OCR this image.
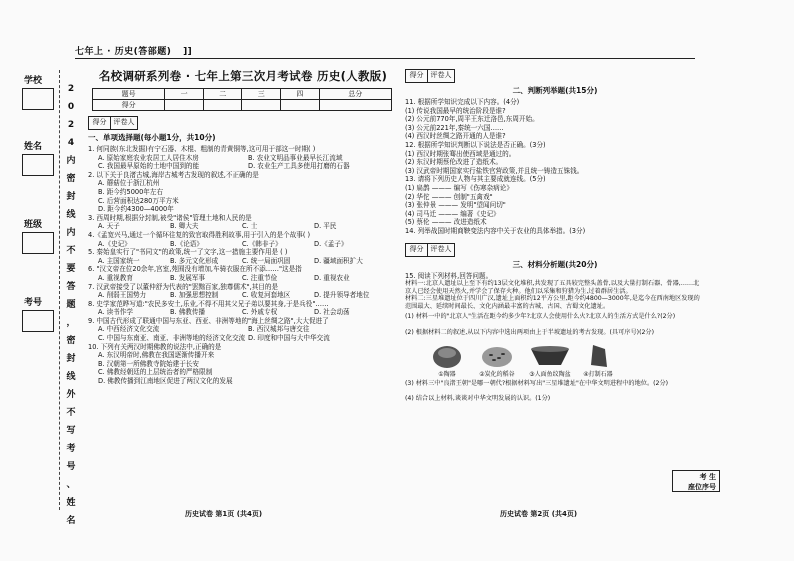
七年上 · 历史(答部题) ]]
学校
姓名
班级
考号
2
0
2
4
内
密
封
线
内
不
要
答
题
，
密
封
线
外
不
写
考
号
、
姓
名
名校调研系列卷 · 七年上第三次月考试卷 历史(人教版)
题号	一	二	三	四	总分
得分					
得分	评卷人
一、单项选择题(每小题1分，共10分)
1. 何同族(东北发掘)有宁石器、木棍、粗制的青黄铜等,这可用于部这一时期( )
A. 原始家庭农业农居工人居住木房	B. 农业文明品事业最早长江流域
C. 我国最早原始的土地中国到的能	D. 农业生产工具多使用打磨的石器
2. 以下关于良渚古城,海岸古城考古发现的叙述,不正确的是
A. 蘑菇位于浙江杭州
B. 距今约5000年左右
C. 后营面积达280万平方米
D. 距今约4300—4000年
3. 西周时期,根据分封制,被受"诸侯"管理土地和人民的是
A. 天子	B. 卿大夫	C. 士	D. 平民
4.《孟宽兴马,通过一个循环往复的致官取得胜利故事,用于引入的是个故事( )
A.《史记》	B.《论语》	C.《韩非子》	D.《孟子》
5. 秦始皇实行了"书同文"的政策,统一了文字,这一措施主要作用是 ( )
A. 主国家统一	B. 多元文化形成	C. 统一局面巩固	D. 疆域面积扩大
6. "汉文帝在位20余年,宫室,苑囿没有增加,车骑衣服在所不添……"这是指
A. 重视教育	B. 发展军事	C. 注重节俭	D. 重视农业
7. 汉武帝接受了以董仲舒为代表的"罢黜百家,独尊儒术",其目的是
A. 削弱王国势力	B. 加强思想控制	C. 收复河套地区	D. 提升领导者地位
8. 史学家范晔写道:"农民多安土,乐业,不得不用其父兄子弟以要其身,于是兵役"……
A. 读书作学	B. 佛教传播	C. 外戚专权	D. 社会动荡
9. 中国古代形成了联通中国与东亚、西亚、非洲等地的"海上丝绸之路",大大促进了
A. 中西经济文化交流	B. 西汉城邦与唐交往
C. 中国与东南亚、南亚、非洲等地的经济文化交流 D. 印度和中国与大中华交流
10. 下列有关两汉时期佛教的说法中,正确的是
A. 东汉明帝时,佛教在我国逐渐传播开来
B. 汉朝第一所佛教寺院始建于长安
C. 佛教经朝廷的上层统治者的严格限制
D. 佛教传播到江南地区促进了两汉文化的发展
得分	评卷人
二、判断列举题(共15分)
11. 根据所学知识完成以下内容。(4分)
(1) 传说我国最早的统治阶段是谁?
(2) 公元前770年,周平王东迁洛邑,东周开始。
(3) 公元前221年,秦统一六国……
(4) 西汉时丝绸之路开通的人是谁?
12. 根据所学知识判断以下说法是否正确。(3分)
(1) 西汉时期张骞出使西域是通过的。
(2) 东汉时期蔡伦改进了造纸术。
(3) 汉武帝时期国家实行盐铁官营政策,并且统一铸造五铢钱。
13. 请将下列历史人物与其主要成就连线。(5分)
(1) 扁鹊 ——— 编写《伤寒杂病论》
(2) 华佗 ——— 创制"五禽戏"
(3) 张仲景 ——— 发明"望闻问切"
(4) 司马迁 ——— 编著《史记》
(5) 蔡伦 ——— 改进造纸术
14. 列举战国时期商鞅变法内容中关于农业的具体举措。(3分)
得分	评卷人
三、材料分析题(共20分)
15. 阅读下列材料,回答问题。
材料一:北京人遗址以上至下有约13层文化堆积,共发现了五具较完整头盖骨,以及大量打制石器、骨器,……北京人已经会使用天然火,并学会了保存火种。他们以采集和狩猎为生,过着群居生活。
材料二:三星堆遗址位于四川广汉,遗址上面积约12平方公里,距今约4800—3000年,是迄今在西南地区发现的范围最大、延续时间最长、文化内涵最丰富的古城、古国、古蜀文化遗址。
(1) 材料一中的"北京人"生活在距今约多少年?北京人会使用什么火?北京人的生活方式是什么?(2分)
(2) 根据材料二的叙述,从以下内容中选出两项由上于半坡遗址的考古发现。(具可序号)(2分)
①陶器	②炭化的稻谷 ③人面鱼纹陶盆 ④打制石器
(3) 材料三中"良渚王朝"是哪一朝代?根据材料写出"三星堆遗址"在中华文明进程中的地位。(2分)
(4) 结合以上材料,谈谈对中华文明发展的认识。(1分)
考 生
座位序号
历史试卷 第1页 (共4页)	历史试卷 第2页 (共4页)
